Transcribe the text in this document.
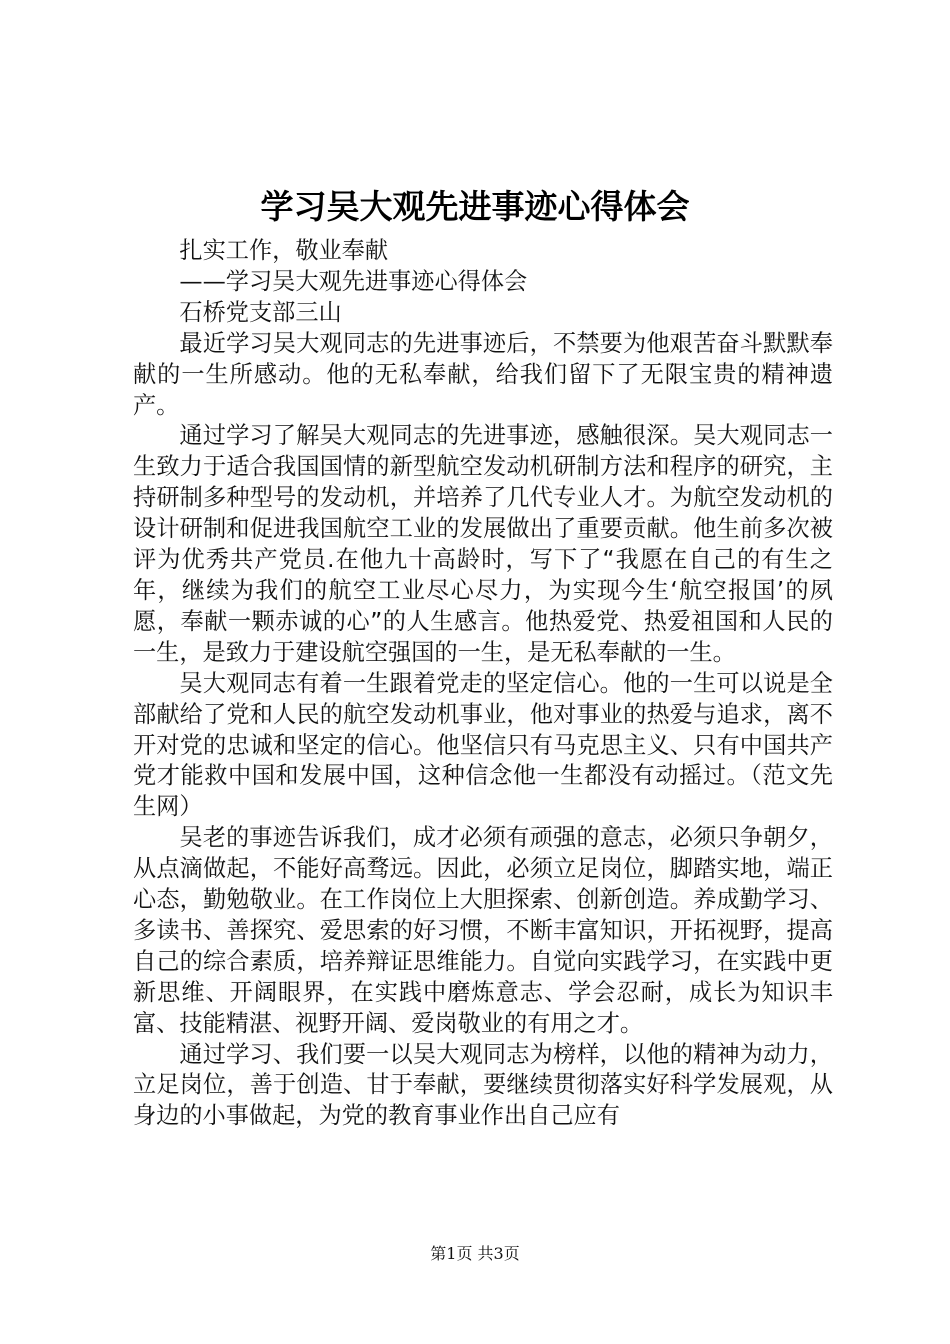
学习吴大观先进事迹心得体会

扎实工作，敬业奉献

——学习吴大观先进事迹心得体会

石桥党支部三山

最近学习吴大观同志的先进事迹后，不禁要为他艰苦奋斗默默奉献的一生所感动。他的无私奉献，给我们留下了无限宝贵的精神遗产。

通过学习了解吴大观同志的先进事迹，感触很深。吴大观同志一生致力于适合我国国情的新型航空发动机研制方法和程序的研究，主持研制多种型号的发动机，并培养了几代专业人才。为航空发动机的设计研制和促进我国航空工业的发展做出了重要贡献。他生前多次被评为优秀共产党员.在他九十高龄时，写下了“我愿在自己的有生之年，继续为我们的航空工业尽心尽力，为实现今生‘航空报国’的夙愿，奉献一颗赤诚的心”的人生感言。他热爱党、热爱祖国和人民的一生，是致力于建设航空强国的一生，是无私奉献的一生。

吴大观同志有着一生跟着党走的坚定信心。他的一生可以说是全部献给了党和人民的航空发动机事业，他对事业的热爱与追求，离不开对党的忠诚和坚定的信心。他坚信只有马克思主义、只有中国共产党才能救中国和发展中国，这种信念他一生都没有动摇过。（范文先生网）

吴老的事迹告诉我们，成才必须有顽强的意志，必须只争朝夕，从点滴做起，不能好高骛远。因此，必须立足岗位，脚踏实地，端正心态，勤勉敬业。在工作岗位上大胆探索、创新创造。养成勤学习、多读书、善探究、爱思索的好习惯，不断丰富知识，开拓视野，提高自己的综合素质，培养辩证思维能力。自觉向实践学习，在实践中更新思维、开阔眼界，在实践中磨炼意志、学会忍耐，成长为知识丰富、技能精湛、视野开阔、爱岗敬业的有用之才。

通过学习、我们要一以吴大观同志为榜样，以他的精神为动力，立足岗位，善于创造、甘于奉献，要继续贯彻落实好科学发展观，从身边的小事做起，为党的教育事业作出自己应有

第1页 共3页
